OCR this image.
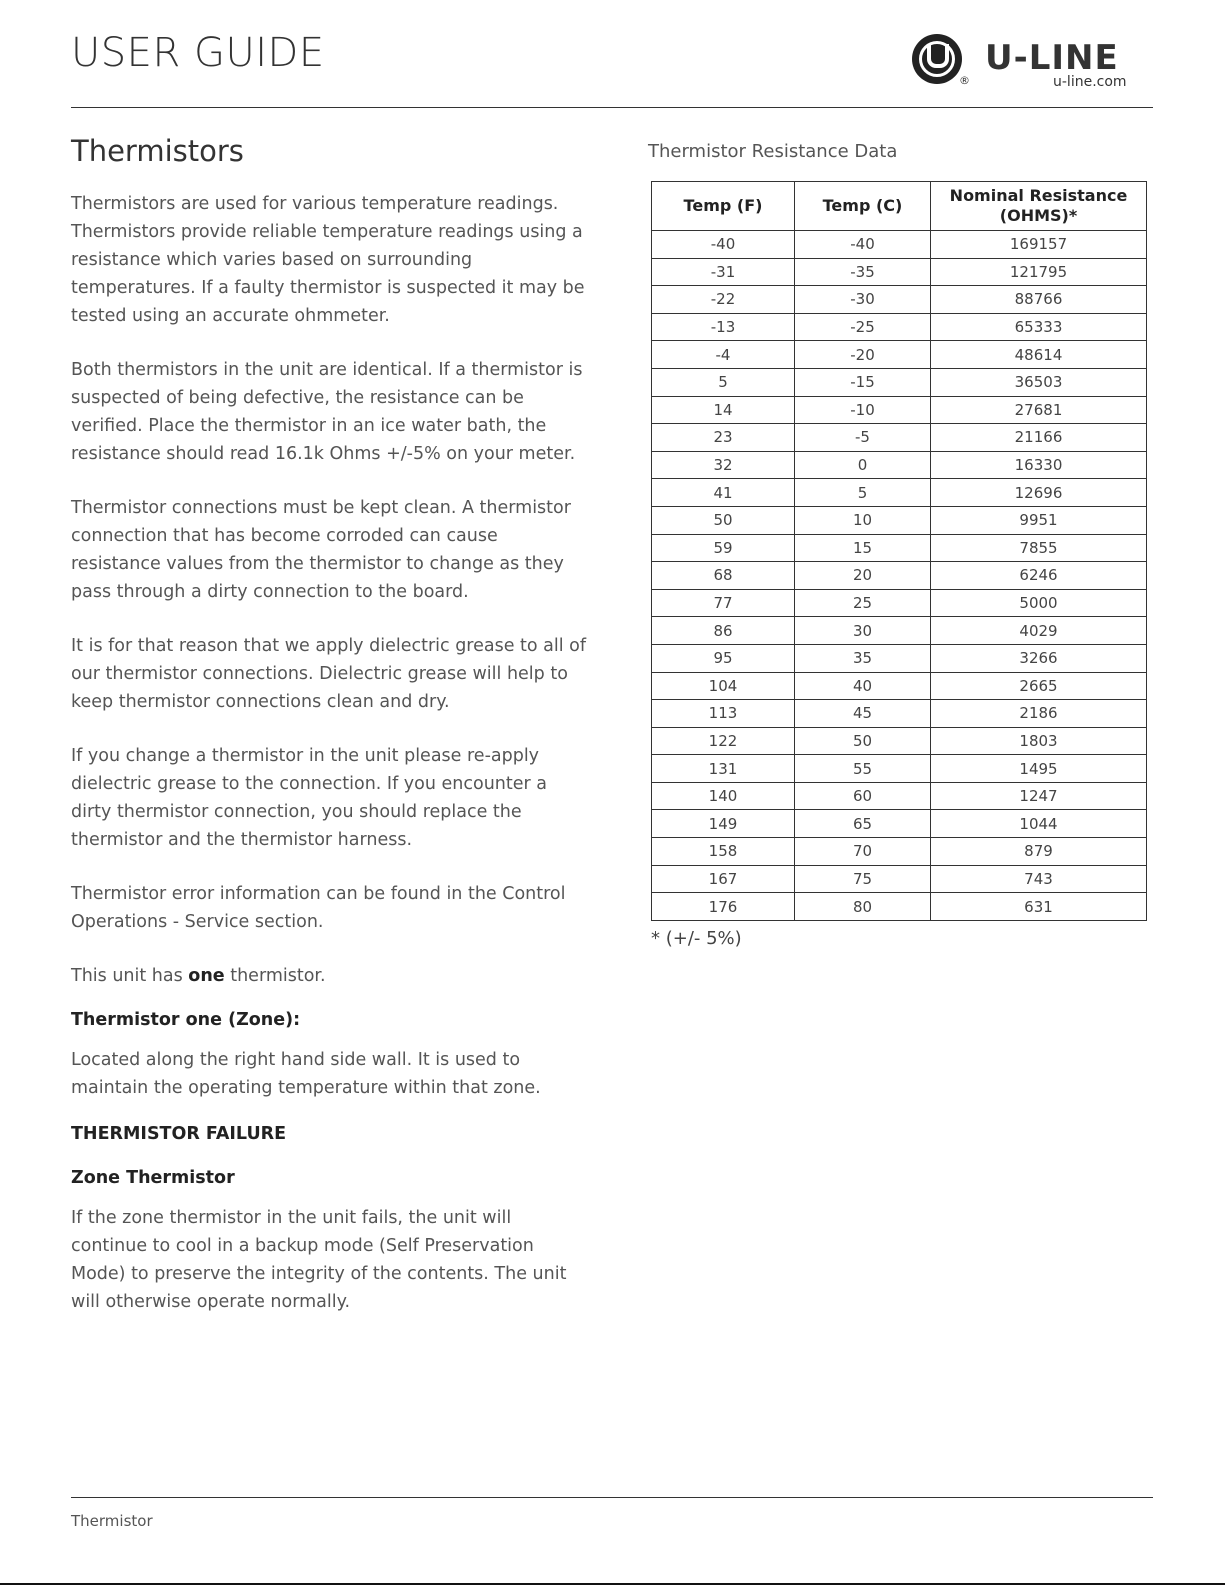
USER GUIDE
®
U-LINE
u-line.com
Thermistors

Thermistors are used for various temperature readings. Thermistors provide reliable temperature readings using a resistance which varies based on surrounding temperatures. If a faulty thermistor is suspected it may be tested using an accurate ohmmeter.

Both thermistors in the unit are identical. If a thermistor is suspected of being defective, the resistance can be verified. Place the thermistor in an ice water bath, the resistance should read 16.1k Ohms +/-5% on your meter.

Thermistor connections must be kept clean. A thermistor connection that has become corroded can cause resistance values from the thermistor to change as they pass through a dirty connection to the board.

It is for that reason that we apply dielectric grease to all of our thermistor connections. Dielectric grease will help to keep thermistor connections clean and dry.

If you change a thermistor in the unit please re-apply dielectric grease to the connection. If you encounter a dirty thermistor connection, you should replace the thermistor and the thermistor harness.

Thermistor error information can be found in the Control Operations - Service section.

This unit has one thermistor.

Thermistor one (Zone):

Located along the right hand side wall. It is used to maintain the operating temperature within that zone.

THERMISTOR FAILURE
Zone Thermistor

If the zone thermistor in the unit fails, the unit will continue to cool in a backup mode (Self Preservation Mode) to preserve the integrity of the contents. The unit will otherwise operate normally.

Thermistor Resistance Data
Temp (F)	Temp (C)	Nominal Resistance (OHMS)*
-40	-40	169157
-31	-35	121795
-22	-30	88766
-13	-25	65333
-4	-20	48614
5	-15	36503
14	-10	27681
23	-5	21166
32	0	16330
41	5	12696
50	10	9951
59	15	7855
68	20	6246
77	25	5000
86	30	4029
95	35	3266
104	40	2665
113	45	2186
122	50	1803
131	55	1495
140	60	1247
149	65	1044
158	70	879
167	75	743
176	80	631
* (+/- 5%)
Thermistor
